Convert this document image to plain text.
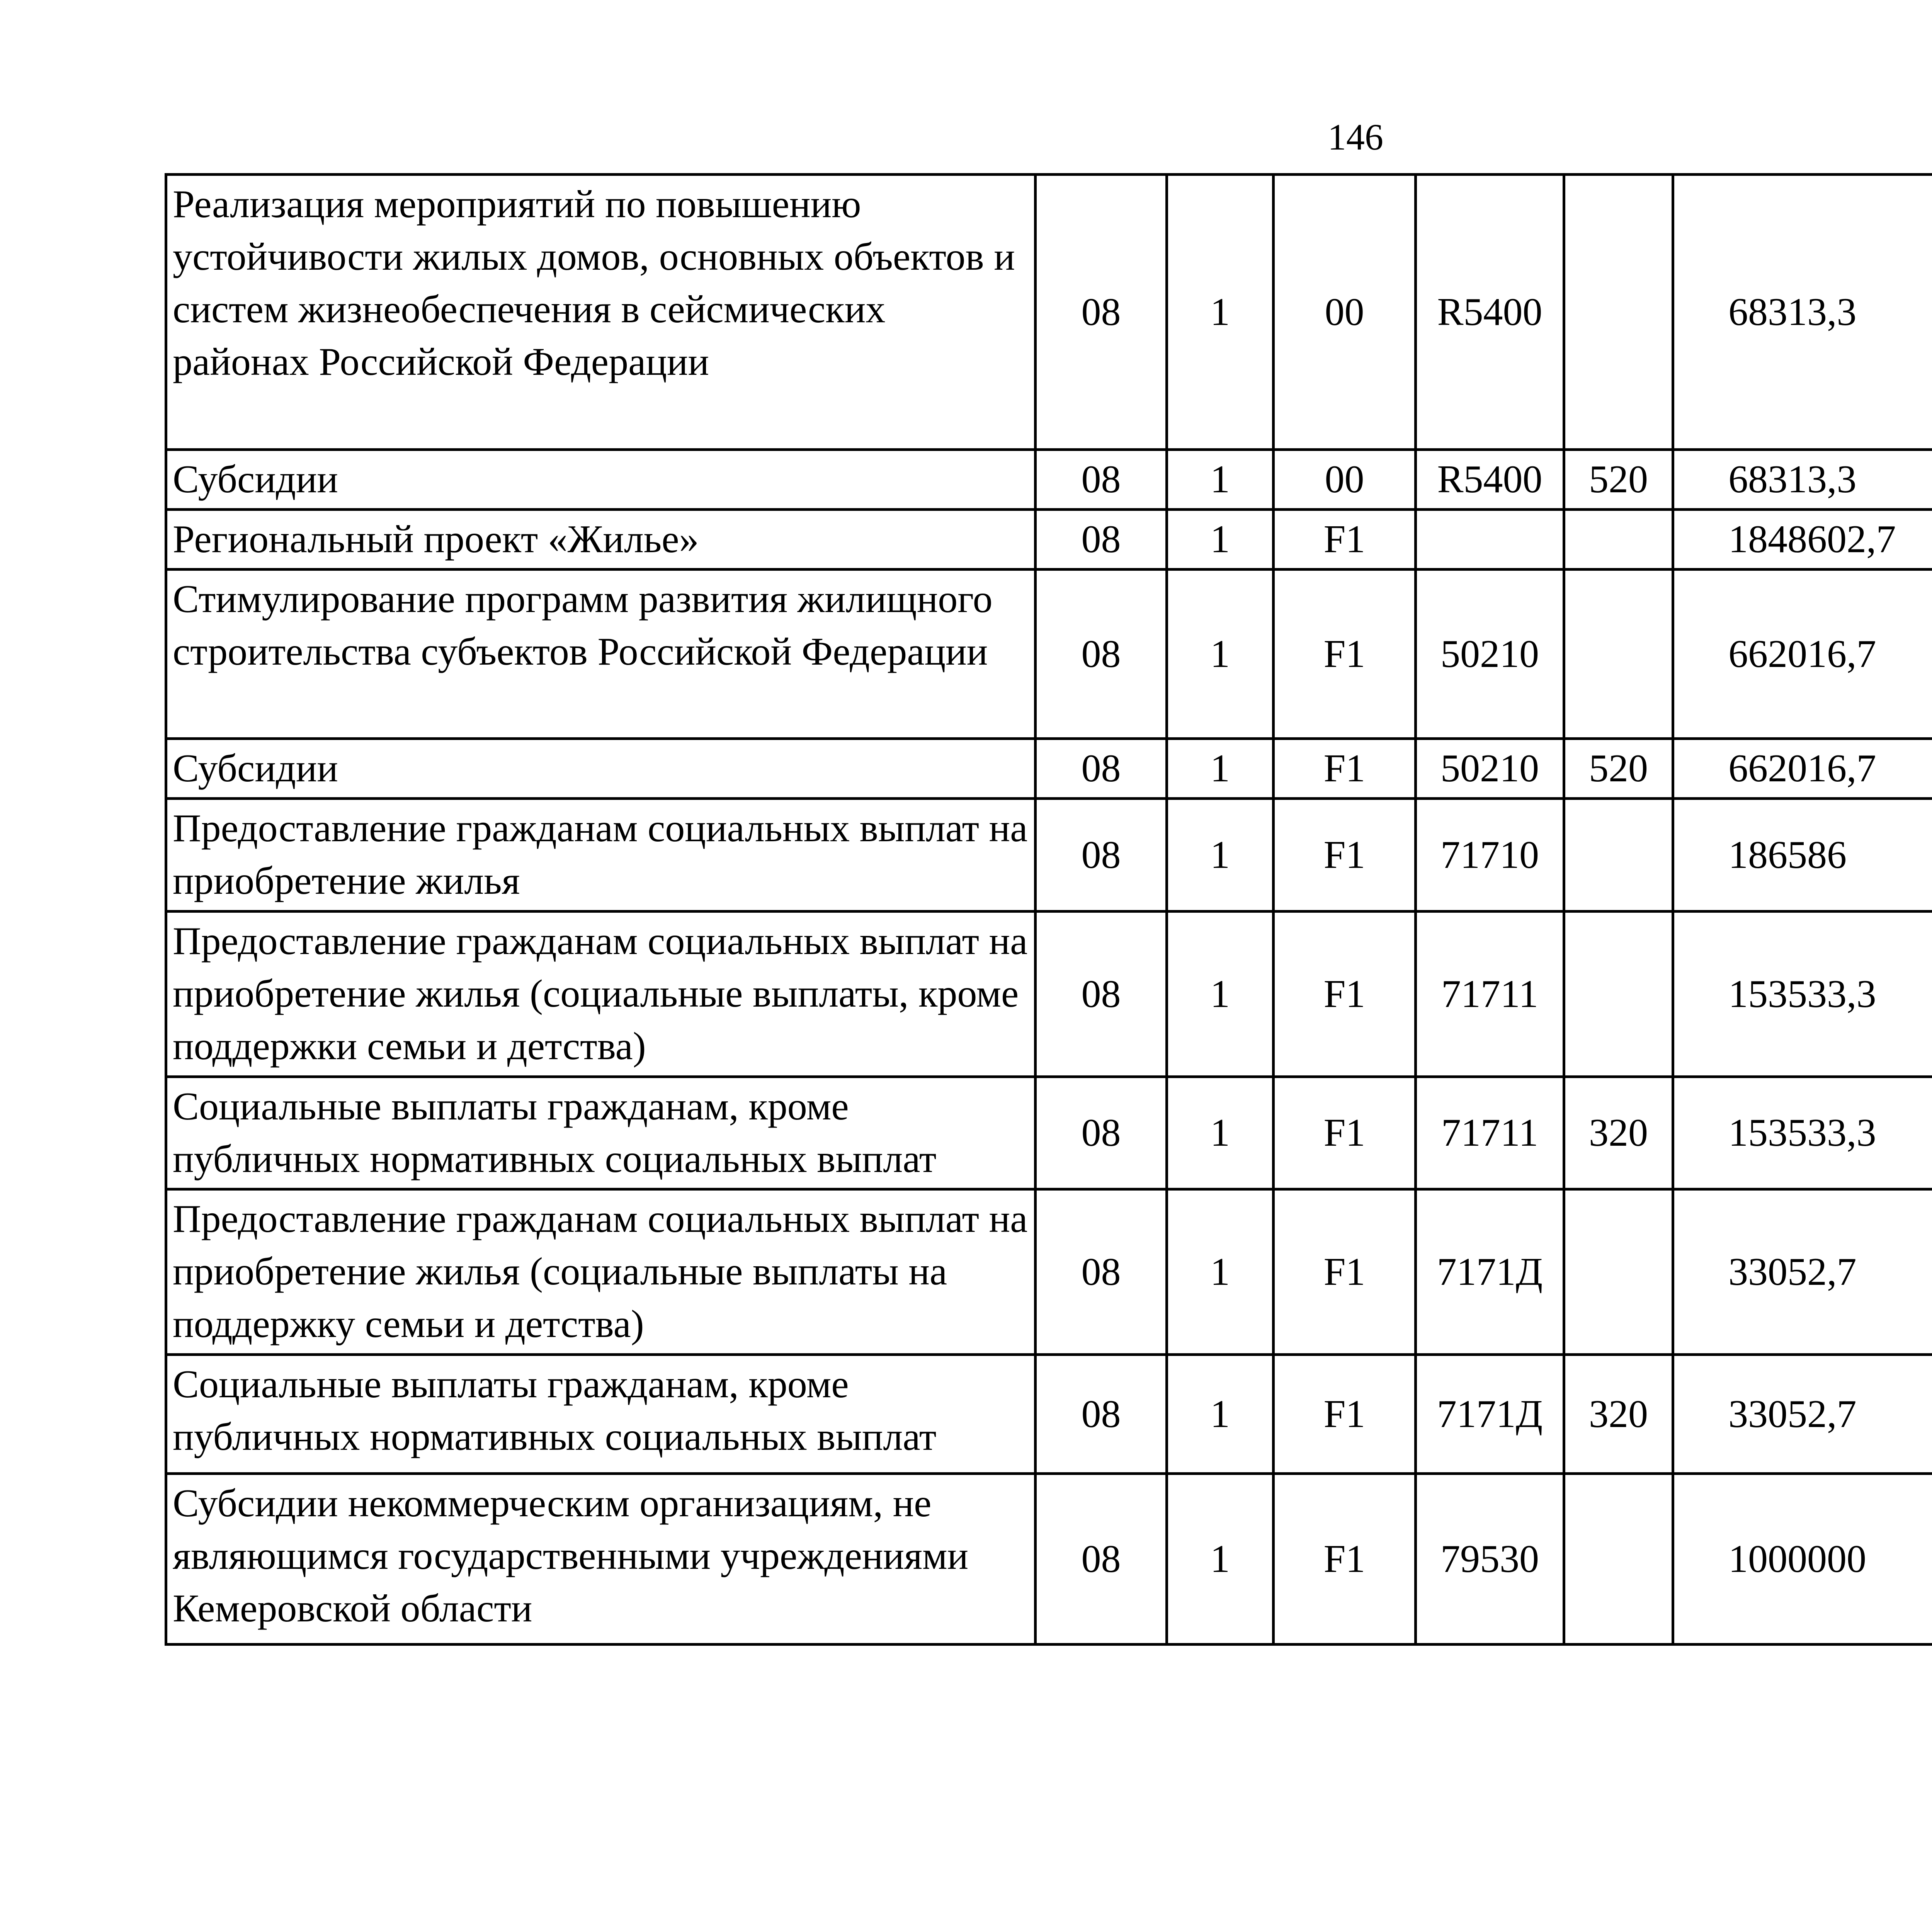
146
Реализация мероприятий по повышению устойчивости жилых домов, основных объектов и систем жизнеобеспечения в сейсмических районах Российской Федерации	08	1	00	R5400		68313,3		
Субсидии	08	1	00	R5400	520	68313,3		
Региональный проект «Жилье»	08	1	F1			1848602,7		
Стимулирование программ развития жилищного строительства субъектов Российской Федерации	08	1	F1	50210		662016,7		
Субсидии	08	1	F1	50210	520	662016,7		
Предоставление гражданам социальных выплат на приобретение жилья	08	1	F1	71710		186586		
Предоставление гражданам социальных выплат на приобретение жилья (социальные выплаты, кроме поддержки семьи и детства)	08	1	F1	71711		153533,3		
Социальные выплаты гражданам, кроме публичных нормативных социальных выплат	08	1	F1	71711	320	153533,3		
Предоставление гражданам социальных выплат на приобретение жилья (социальные выплаты на поддержку семьи и детства)	08	1	F1	7171Д		33052,7		
Социальные выплаты гражданам, кроме публичных нормативных социальных выплат	08	1	F1	7171Д	320	33052,7		
Субсидии некоммерческим организациям, не являющимся государственными учреждениями Кемеровской области	08	1	F1	79530		1000000		
